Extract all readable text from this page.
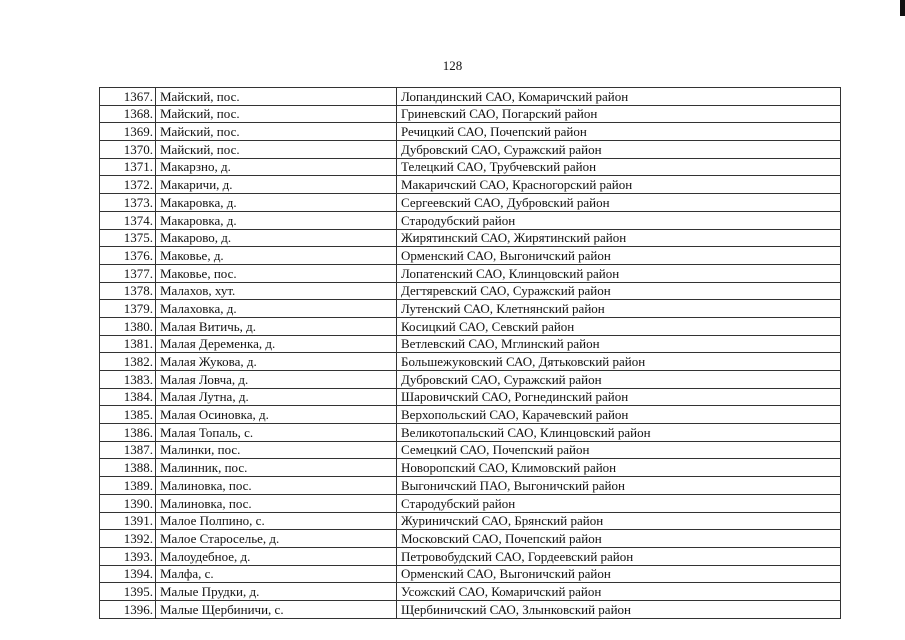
128
1367.	Майский, пос.	Лопандинский САО, Комаричский район
1368.	Майский, пос.	Гриневский САО, Погарский район
1369.	Майский, пос.	Речицкий САО, Почепский район
1370.	Майский, пос.	Дубровский САО, Суражский район
1371.	Макарзно, д.	Телецкий САО, Трубчевский район
1372.	Макаричи, д.	Макаричский САО, Красногорский район
1373.	Макаровка, д.	Сергеевский САО, Дубровский район
1374.	Макаровка, д.	Стародубский район
1375.	Макарово, д.	Жирятинский САО, Жирятинский район
1376.	Маковье, д.	Орменский САО, Выгоничский район
1377.	Маковье, пос.	Лопатенский САО, Клинцовский район
1378.	Малахов, хут.	Дегтяревский САО, Суражский район
1379.	Малаховка, д.	Лутенский САО, Клетнянский район
1380.	Малая Витичь, д.	Косицкий САО, Севский район
1381.	Малая Деременка, д.	Ветлевский САО, Мглинский район
1382.	Малая Жукова, д.	Большежуковский САО, Дятьковский район
1383.	Малая Ловча, д.	Дубровский САО, Суражский район
1384.	Малая Лутна, д.	Шаровичский САО, Рогнединский район
1385.	Малая Осиновка, д.	Верхопольский САО, Карачевский район
1386.	Малая Топаль, с.	Великотопальский САО, Клинцовский район
1387.	Малинки, пос.	Семецкий САО, Почепский район
1388.	Малинник, пос.	Новоропский САО, Климовский район
1389.	Малиновка, пос.	Выгоничский ПАО, Выгоничский район
1390.	Малиновка, пос.	Стародубский район
1391.	Малое Полпино, с.	Журиничский САО, Брянский район
1392.	Малое Староселье, д.	Московский САО, Почепский район
1393.	Малоудебное, д.	Петровобудский САО, Гордеевский район
1394.	Малфа, с.	Орменский САО, Выгоничский район
1395.	Малые Прудки, д.	Усожский САО, Комаричский район
1396.	Малые Щербиничи, с.	Щербиничский САО, Злынковский район
